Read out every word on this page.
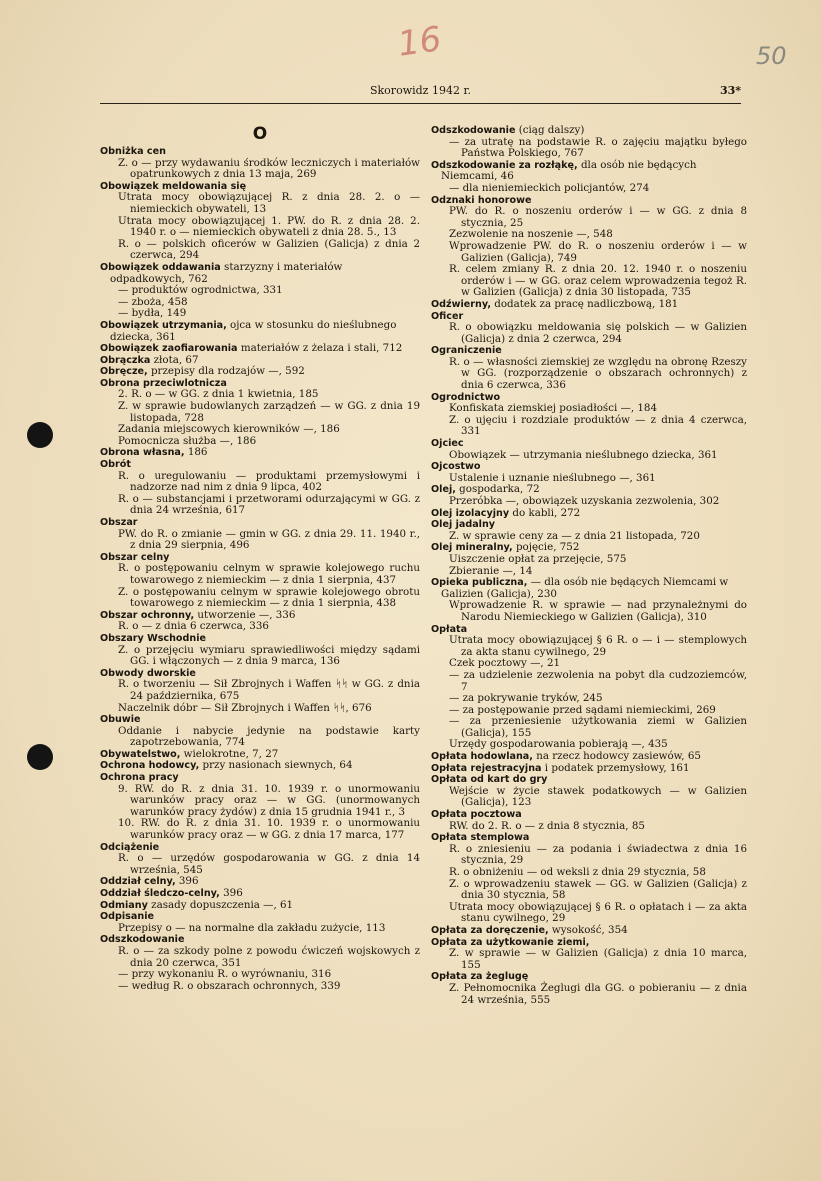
16	50
Skorowidz 1942 r.	33*
O
Obniżka cen
Z. o — przy wydawaniu środków leczniczych i materiałów opatrunkowych z dnia 13 maja, 269
Obowiązek meldowania się
Utrata mocy obowiązującej R. z dnia 28. 2. o — niemieckich obywateli, 13
Utrata mocy obowiązującej 1. PW. do R. z dnia 28. 2. 1940 r. o — niemieckich obywateli z dnia 28. 5., 13
R. o — polskich oficerów w Galizien (Galicja) z dnia 2 czerwca, 294
Obowiązek oddawania starzyzny i materiałów odpadkowych, 762
— produktów ogrodnictwa, 331
— zboża, 458
— bydła, 149
Obowiązek utrzymania, ojca w stosunku do nieślubnego dziecka, 361
Obowiązek zaofiarowania materiałów z żelaza i stali, 712
Obrączka złota, 67
Obręcze, przepisy dla rodzajów —, 592
Obrona przeciwlotnicza
2. R. o — w GG. z dnia 1 kwietnia, 185
Z. w sprawie budowlanych zarządzeń — w GG. z dnia 19 listopada, 728
Zadania miejscowych kierowników —, 186
Pomocnicza służba —, 186
Obrona własna, 186
Obrót
R. o uregulowaniu — produktami przemysłowymi i nadzorze nad nim z dnia 9 lipca, 402
R. o — substancjami i przetworami odurzającymi w GG. z dnia 24 września, 617
Obszar
PW. do R. o zmianie — gmin w GG. z dnia 29. 11. 1940 r., z dnia 29 sierpnia, 496
Obszar celny
R. o postępowaniu celnym w sprawie kolejowego ruchu towarowego z niemieckim — z dnia 1 sierpnia, 437
Z. o postępowaniu celnym w sprawie kolejowego obrotu towarowego z niemieckim — z dnia 1 sierpnia, 438
Obszar ochronny, utworzenie —, 336
R. o — z dnia 6 czerwca, 336
Obszary Wschodnie
Z. o przejęciu wymiaru sprawiedliwości między sądami GG. i włączonych — z dnia 9 marca, 136
Obwody dworskie
R. o tworzeniu — Sił Zbrojnych i Waffen ᛋᛋ w GG. z dnia 24 października, 675
Naczelnik dóbr — Sił Zbrojnych i Waffen ᛋᛋ, 676
Obuwie
Oddanie i nabycie jedynie na podstawie karty zapotrzebowania, 774
Obywatelstwo, wielokrotne, 7, 27
Ochrona hodowcy, przy nasionach siewnych, 64
Ochrona pracy
9. RW. do R. z dnia 31. 10. 1939 r. o unormowaniu warunków pracy oraz — w GG. (unormowanych warunków pracy żydów) z dnia 15 grudnia 1941 r., 3
10. RW. do R. z dnia 31. 10. 1939 r. o unormowaniu warunków pracy oraz — w GG. z dnia 17 marca, 177
Odciążenie
R. o — urzędów gospodarowania w GG. z dnia 14 września, 545
Oddział celny, 396
Oddział śledczo-celny, 396
Odmiany zasady dopuszczenia —, 61
Odpisanie
Przepisy o — na normalne dla zakładu zużycie, 113
Odszkodowanie
R. o — za szkody polne z powodu ćwiczeń wojskowych z dnia 20 czerwca, 351
— przy wykonaniu R. o wyrównaniu, 316
— według R. o obszarach ochronnych, 339
Odszkodowanie (ciąg dalszy)
— za utratę na podstawie R. o zajęciu majątku byłego Państwa Polskiego, 767
Odszkodowanie za rozłąkę, dla osób nie będących Niemcami, 46
— dla nieniemieckich policjantów, 274
Odznaki honorowe
PW. do R. o noszeniu orderów i — w GG. z dnia 8 stycznia, 25
Zezwolenie na noszenie —, 548
Wprowadzenie PW. do R. o noszeniu orderów i — w Galizien (Galicja), 749
R. celem zmiany R. z dnia 20. 12. 1940 r. o noszeniu orderów i — w GG. oraz celem wprowadzenia tegoż R. w Galizien (Galicja) z dnia 30 listopada, 735
Odźwierny, dodatek za pracę nadliczbową, 181
Oficer
R. o obowiązku meldowania się polskich — w Galizien (Galicja) z dnia 2 czerwca, 294
Ograniczenie
R. o — własności ziemskiej ze względu na obronę Rzeszy w GG. (rozporządzenie o obszarach ochronnych) z dnia 6 czerwca, 336
Ogrodnictwo
Konfiskata ziemskiej posiadłości —, 184
Z. o ujęciu i rozdziale produktów — z dnia 4 czerwca, 331
Ojciec
Obowiązek — utrzymania nieślubnego dziecka, 361
Ojcostwo
Ustalenie i uznanie nieślubnego —, 361
Olej, gospodarka, 72
Przeróbka —, obowiązek uzyskania zezwolenia, 302
Olej izolacyjny do kabli, 272
Olej jadalny
Z. w sprawie ceny za — z dnia 21 listopada, 720
Olej mineralny, pojęcie, 752
Uiszczenie opłat za przejęcie, 575
Zbieranie —, 14
Opieka publiczna, — dla osób nie będących Niemcami w Galizien (Galicja), 230
Wprowadzenie R. w sprawie — nad przynależnymi do Narodu Niemieckiego w Galizien (Galicja), 310
Opłata
Utrata mocy obowiązującej § 6 R. o — i — stemplowych za akta stanu cywilnego, 29
Czek pocztowy —, 21
— za udzielenie zezwolenia na pobyt dla cudzoziemców, 7
— za pokrywanie tryków, 245
— za postępowanie przed sądami niemieckimi, 269
— za przeniesienie użytkowania ziemi w Galizien (Galicja), 155
Urzędy gospodarowania pobierają —, 435
Opłata hodowlana, na rzecz hodowcy zasiewów, 65
Opłata rejestracyjna i podatek przemysłowy, 161
Opłata od kart do gry
Wejście w życie stawek podatkowych — w Galizien (Galicja), 123
Opłata pocztowa
RW. do 2. R. o — z dnia 8 stycznia, 85
Opłata stemplowa
R. o zniesieniu — za podania i świadectwa z dnia 16 stycznia, 29
R. o obniżeniu — od weksli z dnia 29 stycznia, 58
Z. o wprowadzeniu stawek — GG. w Galizien (Galicja) z dnia 30 stycznia, 58
Utrata mocy obowiązującej § 6 R. o opłatach i — za akta stanu cywilnego, 29
Opłata za doręczenie, wysokość, 354
Opłata za użytkowanie ziemi,
Z. w sprawie — w Galizien (Galicja) z dnia 10 marca, 155
Opłata za żeglugę
Z. Pełnomocnika Żeglugi dla GG. o pobieraniu — z dnia 24 września, 555
